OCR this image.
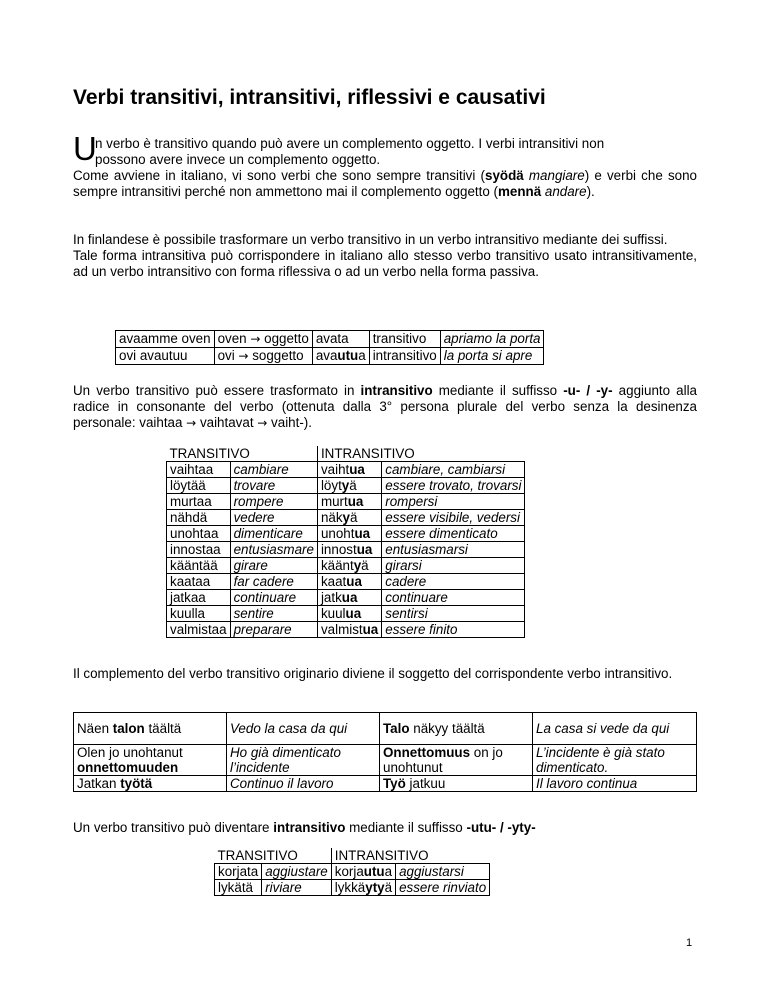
Verbi transitivi, intransitivi, riflessivi e causativi
U
n verbo è transitivo quando può avere un complemento oggetto. I verbi intransitivi non
possono avere invece un complemento oggetto.
Come avviene in italiano, vi sono verbi che sono sempre transitivi (syödä mangiare) e verbi che sono sempre intransitivi perché non ammettono mai il complemento oggetto (mennä andare).
In finlandese è possibile trasformare un verbo transitivo in un verbo intransitivo mediante dei suffissi.
Tale forma intransitiva può corrispondere in italiano allo stesso verbo transitivo usato intransitivamente, ad un verbo intransitivo con forma riflessiva o ad un verbo nella forma passiva.
avaamme oven	oven → oggetto	avata	transitivo	apriamo la porta
ovi avautuu	ovi → soggetto	avautua	intransitivo	la porta si apre
Un verbo transitivo può essere trasformato in intransitivo mediante il suffisso -u- / -y- aggiunto alla radice in consonante del verbo (ottenuta dalla 3° persona plurale del verbo senza la desinenza personale: vaihtaa → vaihtavat → vaiht-).
TRANSITIVO		INTRANSITIVO	
vaihtaa	cambiare	vaihtua	cambiare, cambiarsi
löytää	trovare	löytyä	essere trovato, trovarsi
murtaa	rompere	murtua	rompersi
nähdä	vedere	näkyä	essere visibile, vedersi
unohtaa	dimenticare	unohtua	essere dimenticato
innostaa	entusiasmare	innostua	entusiasmarsi
kääntää	girare	kääntyä	girarsi
kaataa	far cadere	kaatua	cadere
jatkaa	continuare	jatkua	continuare
kuulla	sentire	kuulua	sentirsi
valmistaa	preparare	valmistua	essere finito
Il complemento del verbo transitivo originario diviene il soggetto del corrispondente verbo intransitivo.
Näen talon täältä	Vedo la casa da qui	Talo näkyy täältä	La casa si vede da qui
Olen jo unohtanut onnettomuuden	Ho già dimenticato l’incidente	Onnettomuus on jo unohtunut	L’incidente è già stato dimenticato.
Jatkan työtä	Continuo il lavoro	Työ jatkuu	Il lavoro continua
Un verbo transitivo può diventare intransitivo mediante il suffisso -utu- / -yty-
TRANSITIVO		INTRANSITIVO	
korjata	aggiustare	korjautua	aggiustarsi
lykätä	riviare	lykkäytyä	essere rinviato
1
